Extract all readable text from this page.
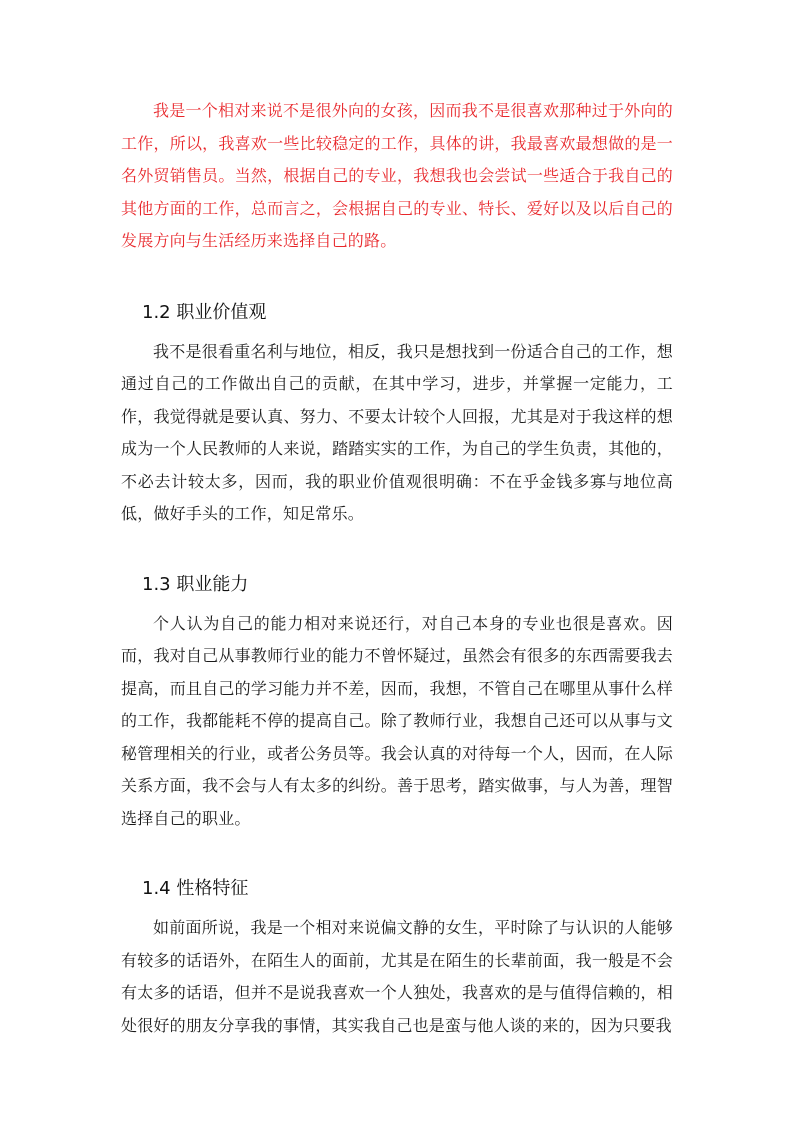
我是一个相对来说不是很外向的女孩，因而我不是很喜欢那种过于外向的工作，所以，我喜欢一些比较稳定的工作，具体的讲，我最喜欢最想做的是一名外贸销售员。当然，根据自己的专业，我想我也会尝试一些适合于我自己的其他方面的工作，总而言之，会根据自己的专业、特长、爱好以及以后自己的发展方向与生活经历来选择自己的路。

1.2 职业价值观

我不是很看重名利与地位，相反，我只是想找到一份适合自己的工作，想通过自己的工作做出自己的贡献，在其中学习，进步，并掌握一定能力，工作，我觉得就是要认真、努力、不要太计较个人回报，尤其是对于我这样的想成为一个人民教师的人来说，踏踏实实的工作，为自己的学生负责，其他的，不必去计较太多，因而，我的职业价值观很明确：不在乎金钱多寡与地位高低，做好手头的工作，知足常乐。

1.3 职业能力

个人认为自己的能力相对来说还行，对自己本身的专业也很是喜欢。因而，我对自己从事教师行业的能力不曾怀疑过，虽然会有很多的东西需要我去提高，而且自己的学习能力并不差，因而，我想，不管自己在哪里从事什么样的工作，我都能耗不停的提高自己。除了教师行业，我想自己还可以从事与文秘管理相关的行业，或者公务员等。我会认真的对待每一个人，因而，在人际关系方面，我不会与人有太多的纠纷。善于思考，踏实做事，与人为善，理智选择自己的职业。

1.4 性格特征

如前面所说，我是一个相对来说偏文静的女生，平时除了与认识的人能够有较多的话语外，在陌生人的面前，尤其是在陌生的长辈前面，我一般是不会有太多的话语，但并不是说我喜欢一个人独处，我喜欢的是与值得信赖的，相处很好的朋友分享我的事情，其实我自己也是蛮与他人谈的来的，因为只要我
